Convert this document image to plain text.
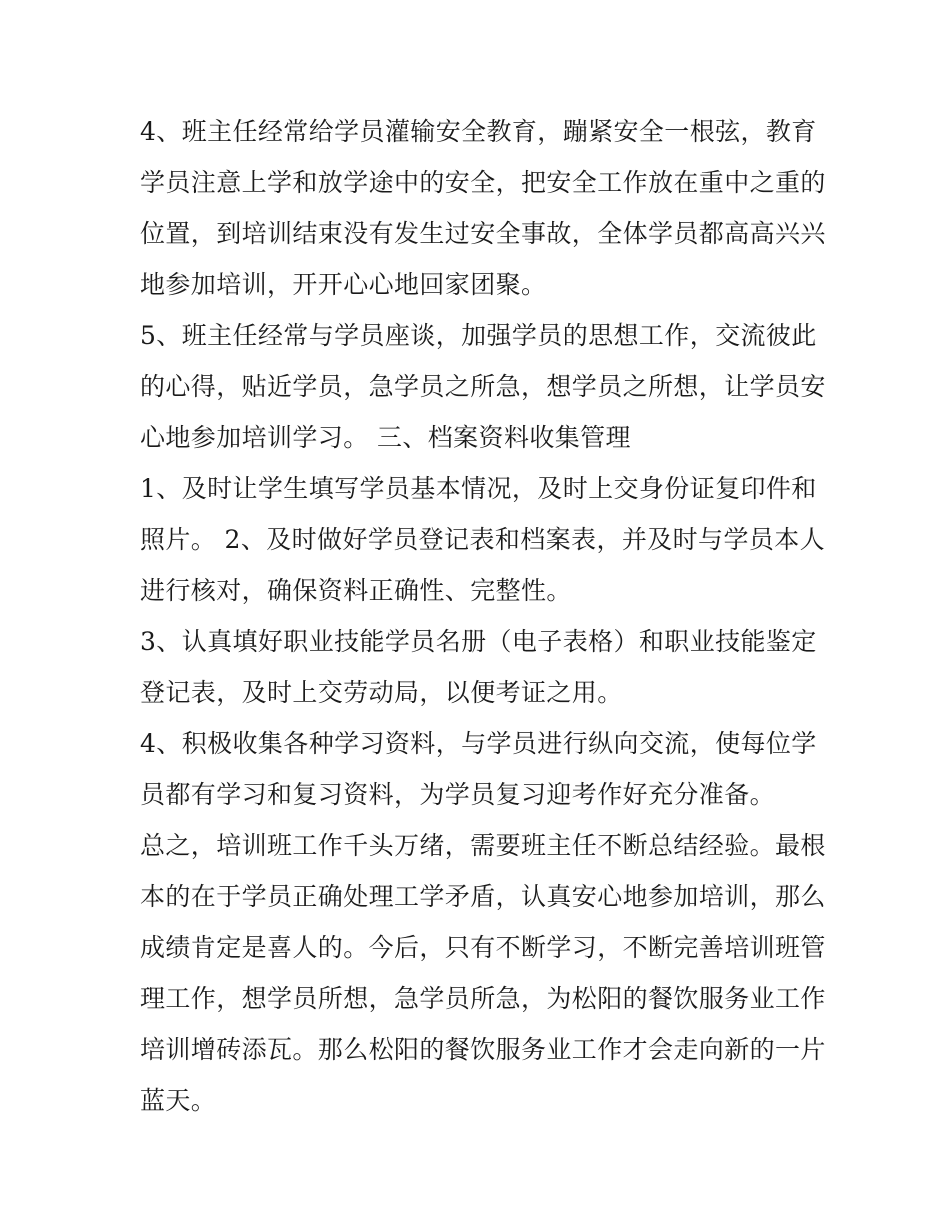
4、班主任经常给学员灌输安全教育，蹦紧安全一根弦，教育
学员注意上学和放学途中的安全，把安全工作放在重中之重的
位置，到培训结束没有发生过安全事故，全体学员都高高兴兴
地参加培训，开开心心地回家团聚。
5、班主任经常与学员座谈，加强学员的思想工作，交流彼此
的心得，贴近学员，急学员之所急，想学员之所想，让学员安
心地参加培训学习。 三、档案资料收集管理
1、及时让学生填写学员基本情况，及时上交身份证复印件和
照片。 2、及时做好学员登记表和档案表，并及时与学员本人
进行核对，确保资料正确性、完整性。
3、认真填好职业技能学员名册（电子表格）和职业技能鉴定
登记表，及时上交劳动局，以便考证之用。
4、积极收集各种学习资料，与学员进行纵向交流，使每位学
员都有学习和复习资料，为学员复习迎考作好充分准备。
总之，培训班工作千头万绪，需要班主任不断总结经验。最根
本的在于学员正确处理工学矛盾，认真安心地参加培训，那么
成绩肯定是喜人的。今后，只有不断学习，不断完善培训班管
理工作，想学员所想，急学员所急，为松阳的餐饮服务业工作
培训增砖添瓦。那么松阳的餐饮服务业工作才会走向新的一片
蓝天。
